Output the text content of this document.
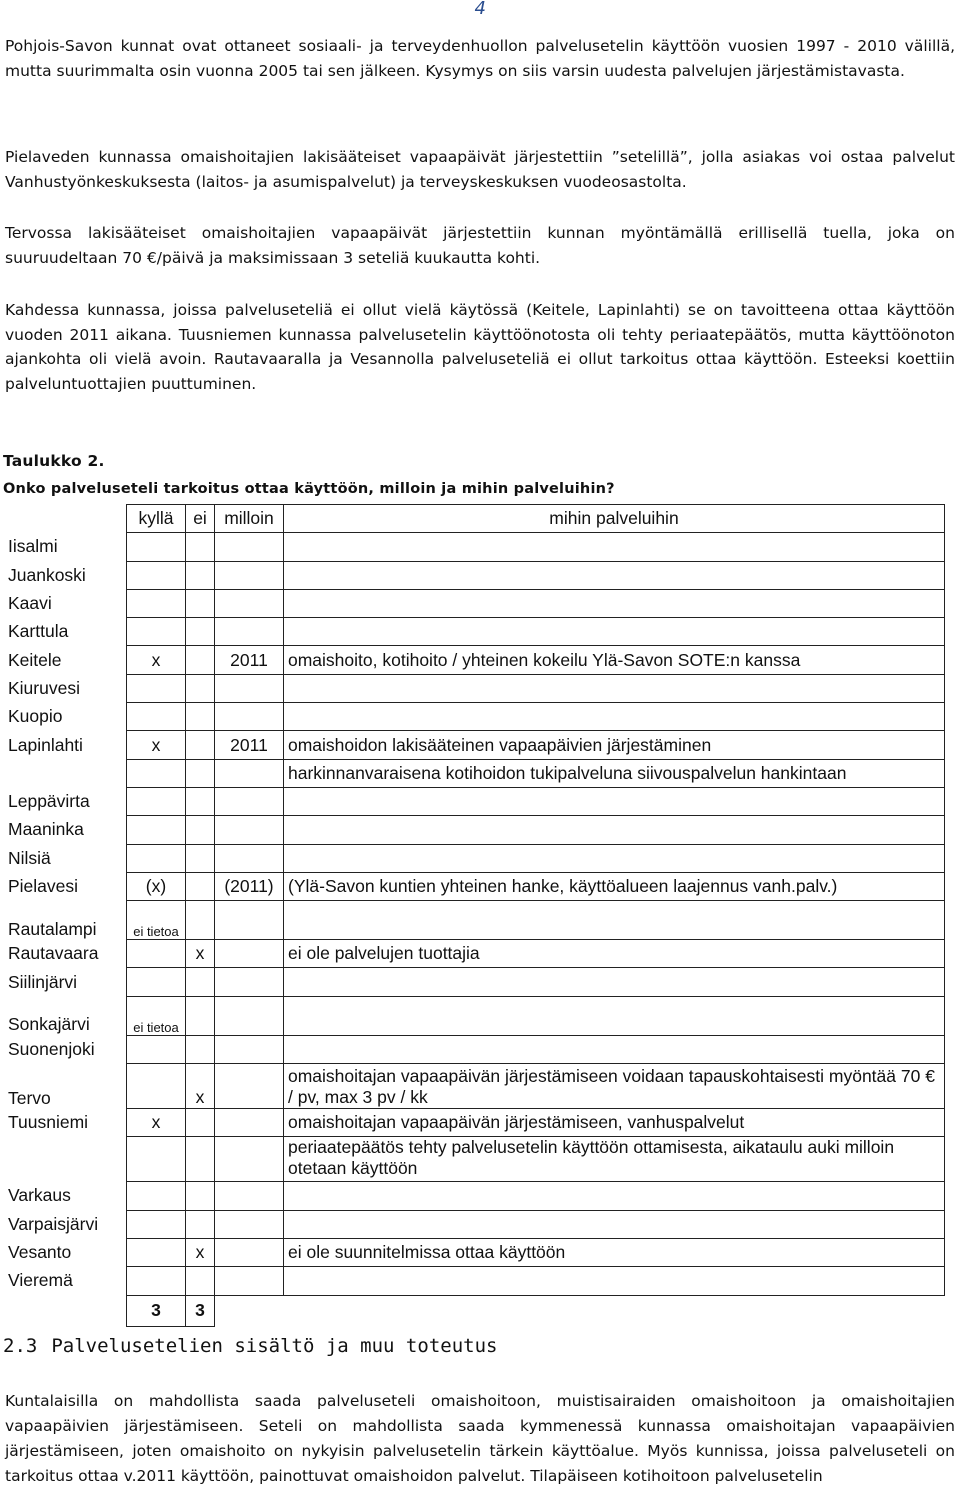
4

Pohjois-Savon kunnat ovat ottaneet sosiaali- ja terveydenhuollon palvelusetelin käyttöön vuosien 1997 - 2010 välillä, mutta suurimmalta osin vuonna 2005 tai sen jälkeen. Kysymys on siis varsin uudesta palvelujen järjestämistavasta.

Pielaveden kunnassa omaishoitajien lakisääteiset vapaapäivät järjestettiin ”setelillä”, jolla asiakas voi ostaa palvelut Vanhustyönkeskuksesta (laitos- ja asumispalvelut) ja terveyskeskuksen vuodeosastolta.

Tervossa lakisääteiset omaishoitajien vapaapäivät järjestettiin kunnan myöntämällä erillisellä tuella, joka on suuruudeltaan 70 €/päivä ja maksimissaan 3 seteliä kuukautta kohti.

Kahdessa kunnassa, joissa palveluseteliä ei ollut vielä käytössä (Keitele, Lapinlahti) se on tavoitteena ottaa käyttöön vuoden 2011 aikana. Tuusniemen kunnassa palvelusetelin käyttöönotosta oli tehty periaatepäätös, mutta käyttöönoton ajankohta oli vielä avoin. Rautavaaralla ja Vesannolla palveluseteliä ei ollut tarkoitus ottaa käyttöön. Esteeksi koettiin palveluntuottajien puuttuminen.

Taulukko 2.
Onko palveluseteli tarkoitus ottaa käyttöön, milloin ja mihin palveluihin?
	kyllä	ei	milloin	mihin palveluihin
Iisalmi				
Juankoski				
Kaavi				
Karttula				
Keitele	x		2011	omaishoito, kotihoito / yhteinen kokeilu Ylä-Savon SOTE:n kanssa
Kiuruvesi				
Kuopio				
Lapinlahti	x		2011	omaishoidon lakisääteinen vapaapäivien järjestäminen
				harkinnanvaraisena kotihoidon tukipalveluna siivouspalvelun hankintaan
Leppävirta				
Maaninka				
Nilsiä				
Pielavesi	(x)		(2011)	(Ylä-Savon kuntien yhteinen hanke, käyttöalueen laajennus vanh.palv.)
Rautalampi	ei tietoa			
Rautavaara		x		ei ole palvelujen tuottajia
Siilinjärvi				
Sonkajärvi	ei tietoa			
Suonenjoki				
Tervo		x		omaishoitajan vapaapäivän järjestämiseen voidaan tapauskohtaisesti myöntää 70 € / pv, max 3 pv / kk
Tuusniemi	x			omaishoitajan vapaapäivän järjestämiseen, vanhuspalvelut
				periaatepäätös tehty palvelusetelin käyttöön ottamisesta, aikataulu auki milloin otetaan käyttöön
Varkaus				
Varpaisjärvi				
Vesanto		x		ei ole suunnitelmissa ottaa käyttöön
Vieremä				
	3	3		
2.3 Palvelusetelien sisältö ja muu toteutus

Kuntalaisilla on mahdollista saada palveluseteli omaishoitoon, muistisairaiden omaishoitoon ja omaishoitajien vapaapäivien järjestämiseen. Seteli on mahdollista saada kymmenessä kunnassa omaishoitajan vapaapäivien järjestämiseen, joten omaishoito on nykyisin palvelusetelin tärkein käyttöalue. Myös kunnissa, joissa palveluseteli on tarkoitus ottaa v.2011 käyttöön, painottuvat omaishoidon palvelut. Tilapäiseen kotihoitoon palvelusetelin
